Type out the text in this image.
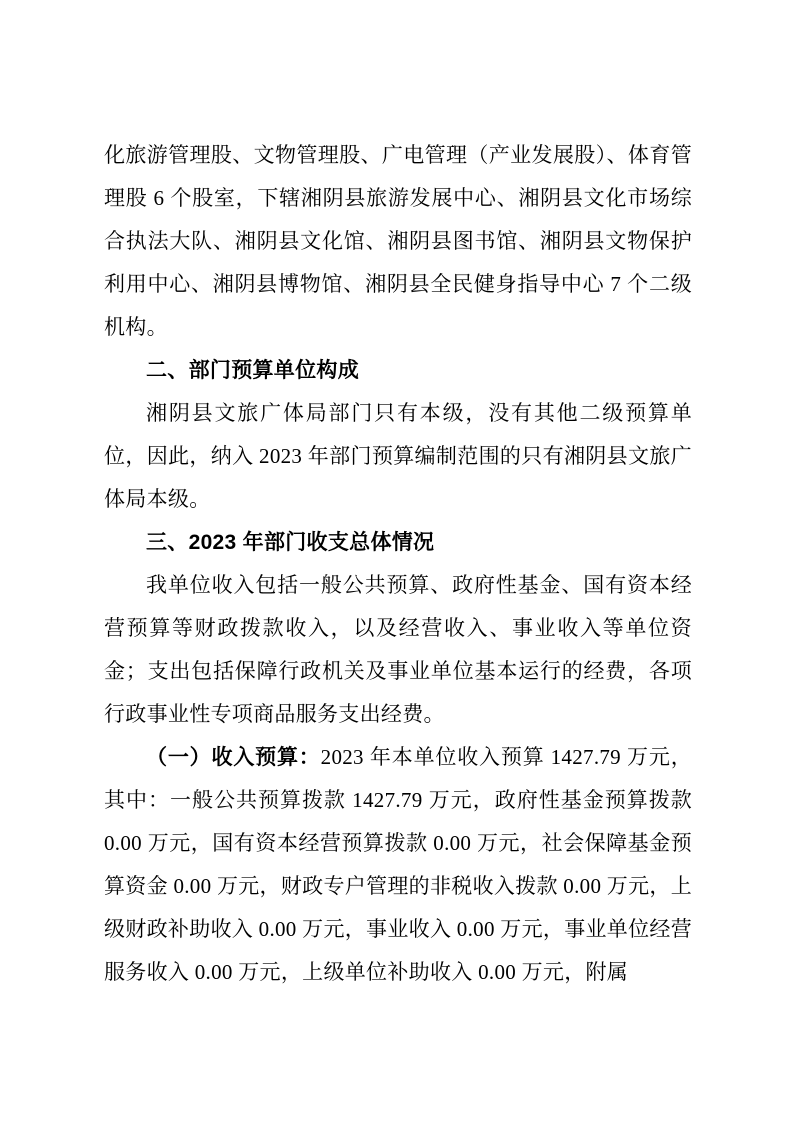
化旅游管理股、文物管理股、广电管理（产业发展股）、体育管理股 6 个股室，下辖湘阴县旅游发展中心、湘阴县文化市场综合执法大队、湘阴县文化馆、湘阴县图书馆、湘阴县文物保护利用中心、湘阴县博物馆、湘阴县全民健身指导中心 7 个二级机构。

二、部门预算单位构成

湘阴县文旅广体局部门只有本级，没有其他二级预算单位，因此，纳入 2023 年部门预算编制范围的只有湘阴县文旅广体局本级。

三、2023 年部门收支总体情况

我单位收入包括一般公共预算、政府性基金、国有资本经营预算等财政拨款收入，以及经营收入、事业收入等单位资金；支出包括保障行政机关及事业单位基本运行的经费，各项行政事业性专项商品服务支出经费。

（一）收入预算：2023 年本单位收入预算 1427.79 万元，其中：一般公共预算拨款 1427.79 万元，政府性基金预算拨款 0.00 万元，国有资本经营预算拨款 0.00 万元，社会保障基金预算资金 0.00 万元，财政专户管理的非税收入拨款 0.00 万元，上级财政补助收入 0.00 万元，事业收入 0.00 万元，事业单位经营服务收入 0.00 万元，上级单位补助收入 0.00 万元，附属
